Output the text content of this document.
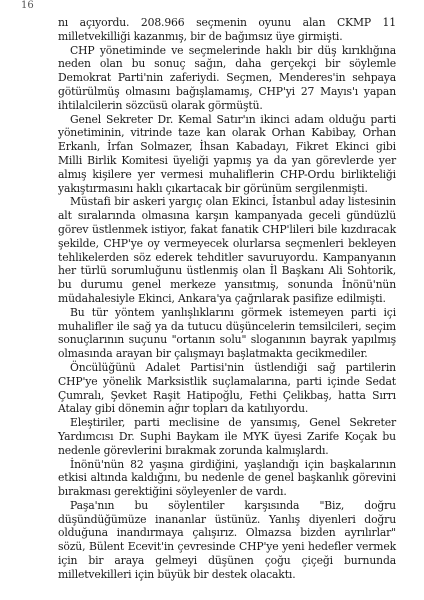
16

nı açıyordu. 208.966 seçmenin oyunu alan CKMP 11 milletvekilliği kazanmış, bir de bağımsız üye girmişti.

CHP yönetiminde ve seçmelerinde haklı bir düş kırıklığına neden olan bu sonuç sağın, daha gerçekçi bir söylemle Demokrat Parti'nin zaferiydi. Seçmen, Menderes'in sehpaya götürülmüş olmasını bağışlamamış, CHP'yi 27 Mayıs'ı yapan ihtilalcilerin sözcüsü olarak görmüştü.

Genel Sekreter Dr. Kemal Satır'ın ikinci adam olduğu parti yönetiminin, vitrinde taze kan olarak Orhan Kabibay, Orhan Erkanlı, İrfan Solmazer, İhsan Kabadayı, Fikret Ekinci gibi Milli Birlik Komitesi üyeliği yapmış ya da yan görevlerde yer almış kişilere yer vermesi muhaliflerin CHP-Ordu birlikteliği yakıştırmasını haklı çıkartacak bir görünüm sergilenmişti.

Müstafi bir askeri yargıç olan Ekinci, İstanbul aday listesinin alt sıralarında olmasına karşın kampanyada geceli gündüzlü görev üstlenmek istiyor, fakat fanatik CHP'lileri bile kızdıracak şekilde, CHP'ye oy vermeyecek olurlarsa seçmenleri bekleyen tehlikelerden söz ederek tehditler savuruyordu. Kampanyanın her türlü sorumluğunu üstlenmiş olan İl Başkanı Ali Sohtorik, bu durumu genel merkeze yansıtmış, sonunda İnönü'nün müdahalesiyle Ekinci, Ankara'ya çağrılarak pasifize edilmişti.

Bu tür yöntem yanlışlıklarını görmek istemeyen parti içi muhalifler ile sağ ya da tutucu düşüncelerin temsilcileri, seçim sonuçlarının suçunu "ortanın solu" sloganının bayrak yapılmış olmasında arayan bir çalışmayı başlatmakta gecikmediler.

Öncülüğünü Adalet Partisi'nin üstlendiği sağ partilerin CHP'ye yönelik Marksistlik suçlamalarına, parti içinde Sedat Çumralı, Şevket Raşit Hatipoğlu, Fethi Çelikbaş, hatta Sırrı Atalay gibi dönemin ağır topları da katılıyordu.

Eleştiriler, parti meclisine de yansımış, Genel Sekreter Yardımcısı Dr. Suphi Baykam ile MYK üyesi Zarife Koçak bu nedenle görevlerini bırakmak zorunda kalmışlardı.

İnönü'nün 82 yaşına girdiğini, yaşlandığı için başkalarının etkisi altında kaldığını, bu nedenle de genel başkanlık görevini bırakması gerektiğini söyleyenler de vardı.

Paşa'nın bu söylentiler karşısında "Biz, doğru düşündüğümüze inananlar üstünüz. Yanlış diyenleri doğru olduğuna inandırmaya çalışırız. Olmazsa bizden ayrılırlar" sözü, Bülent Ecevit'in çevresinde CHP'ye yeni hedefler vermek için bir araya gelmeyi düşünen çoğu çiçeği burnunda milletvekilleri için büyük bir destek olacaktı.
